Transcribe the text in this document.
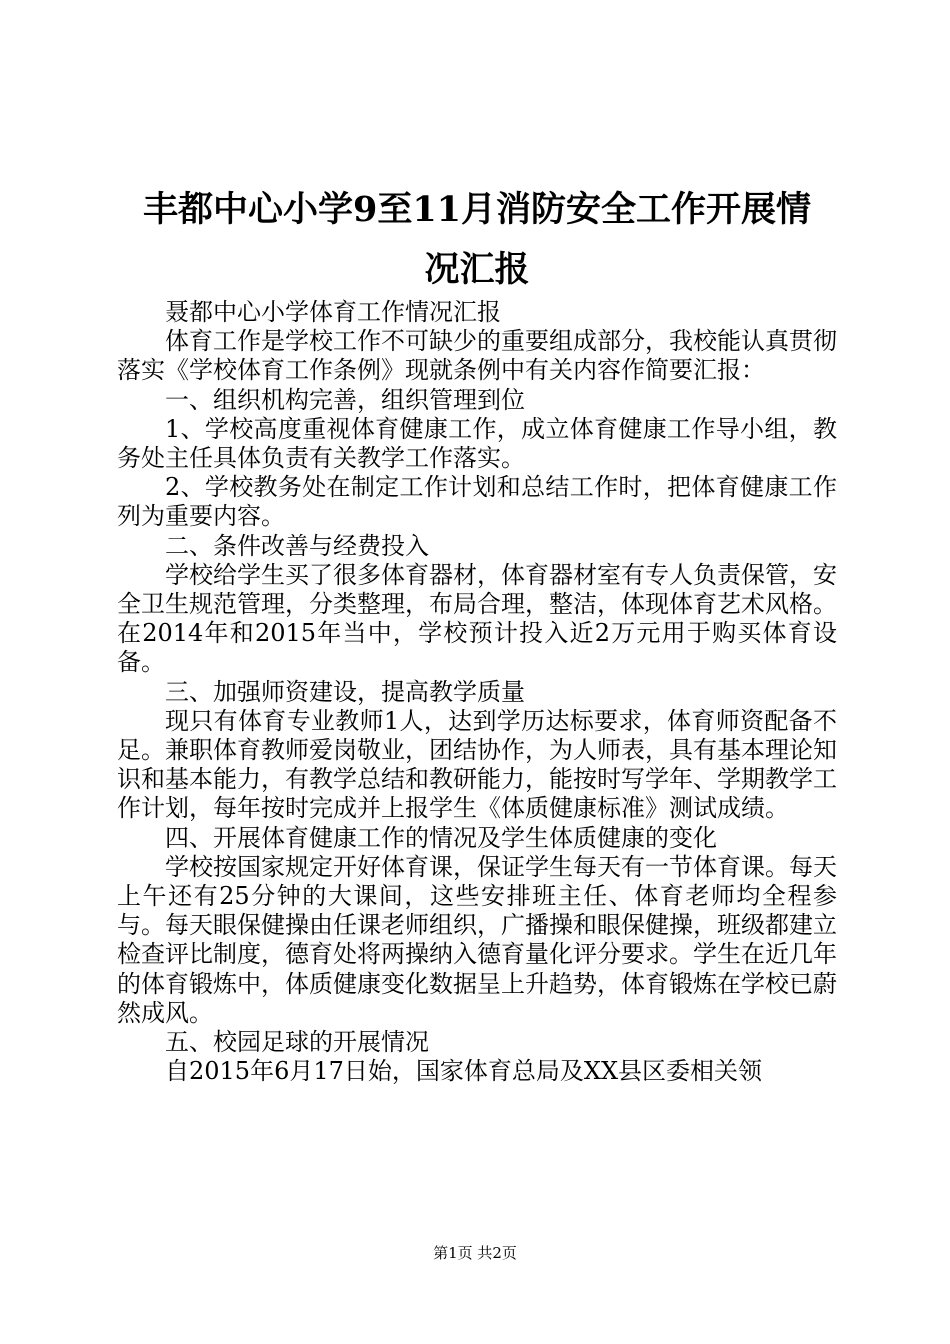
丰都中心小学9至11月消防安全工作开展情
况汇报

聂都中心小学体育工作情况汇报

体育工作是学校工作不可缺少的重要组成部分，我校能认真贯彻落实《学校体育工作条例》现就条例中有关内容作简要汇报：

一、组织机构完善，组织管理到位

1、学校高度重视体育健康工作，成立体育健康工作导小组，教务处主任具体负责有关教学工作落实。

2、学校教务处在制定工作计划和总结工作时，把体育健康工作列为重要内容。

二、条件改善与经费投入

学校给学生买了很多体育器材，体育器材室有专人负责保管，安全卫生规范管理，分类整理，布局合理，整洁，体现体育艺术风格。在2014年和2015年当中，学校预计投入近2万元用于购买体育设备。

三、加强师资建设，提高教学质量

现只有体育专业教师1人，达到学历达标要求，体育师资配备不足。兼职体育教师爱岗敬业，团结协作，为人师表，具有基本理论知识和基本能力，有教学总结和教研能力，能按时写学年、学期教学工作计划，每年按时完成并上报学生《体质健康标准》测试成绩。

四、开展体育健康工作的情况及学生体质健康的变化

学校按国家规定开好体育课，保证学生每天有一节体育课。每天上午还有25分钟的大课间，这些安排班主任、体育老师均全程参与。每天眼保健操由任课老师组织，广播操和眼保健操，班级都建立检查评比制度，德育处将两操纳入德育量化评分要求。学生在近几年的体育锻炼中，体质健康变化数据呈上升趋势，体育锻炼在学校已蔚然成风。

五、校园足球的开展情况

自2015年6月17日始，国家体育总局及XX县区委相关领

第1页 共2页
